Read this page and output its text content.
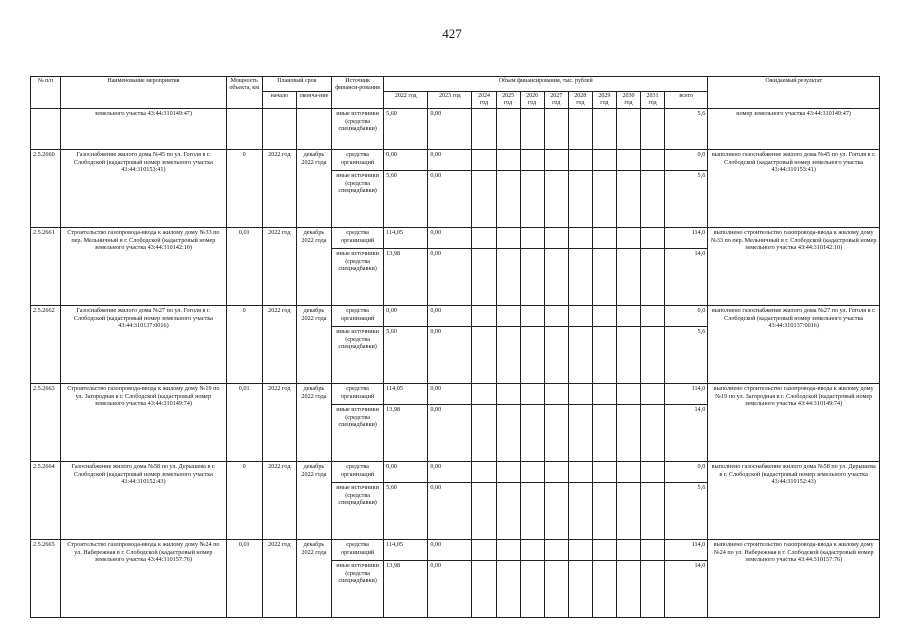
427
№ п/п	Наименование мероприятия	Мощность объекта, км	Плановый срок		Источник финанси-рования	Объем финансирования, тыс. рублей											Ожидаемый результат
			начало	оконча-ние		2022 год	2023 год	2024 год	2025 год	2026 год	2027 год	2028 год	2029 год	2030 год	2031 год	всего	
	земельного участка 43:44:310149:47)				иные источники (средства спецнадбавки)	5,60	0,00									5,6	номер земельного участка 43:44:310149:47)
2.5.2660	Газоснабжение жилого дома №45 по ул. Гоголя в г. Слободской (кадастровый номер земельного участка 43:44:310153:41)	0	2022 год	декабрь 2022 года	средства организаций	0,00	0,00									0,0	выполнено газоснабжение жилого дома №45 по ул. Гоголя в г. Слободской (кадастровый номер земельного участка 43:44:310153:41)
					иные источники (средства спецнадбавки)	5,60	0,00									5,6	
2.5.2661	Строительство газопровода-ввода к жилому дому №33 по пер. Мельничный в г. Слободской (кадастровый номер земельного участка 43:44:310142:10)	0,01	2022 год	декабрь 2022 года	средства организаций	114,05	0,00									114,0	выполнено строительство газопровода-ввода к жилому дому №33 по пер. Мельничный в г. Слободской (кадастровый номер земельного участка 43:44:310142:10)
					иные источники (средства спецнадбавки)	13,98	0,00									14,0	
2.5.2662	Газоснабжение жилого дома №27 по ул. Гоголя в г. Слободской (кадастровый номер земельного участка 43:44:310137:0016)	0	2022 год	декабрь 2022 года	средства организаций	0,00	0,00									0,0	выполнено газоснабжение жилого дома №27 по ул. Гоголя в г. Слободской (кадастровый номер земельного участка 43:44:310137:0016)
					иные источники (средства спецнадбавки)	5,60	0,00									5,6	
2.5.2663	Строительство газопровода-ввода к жилому дому №19 по ул. Загородная в г. Слободской (кадастровый номер земельного участка 43:44:310149:74)	0,01	2022 год	декабрь 2022 года	средства организаций	114,05	0,00									114,0	выполнено строительство газопровода-ввода к жилому дому №19 по ул. Загородная в г. Слободской (кадастровый номер земельного участка 43:44:310149:74)
					иные источники (средства спецнадбавки)	13,98	0,00									14,0	
2.5.2664	Газоснабжение жилого дома №58 по ул. Дерышева в г. Слободской (кадастровый номер земельного участка 43:44:310152:43)	0	2022 год	декабрь 2022 года	средства организаций	0,00	0,00									0,0	выполнено газоснабжение жилого дома №58 по ул. Дерышева в г. Слободской (кадастровый номер земельного участка 43:44:310152:43)
					иные источники (средства спецнадбавки)	5,60	0,00									5,6	
2.5.2665	Строительство газопровода-ввода к жилому дому №24 по ул. Набережная в г. Слободской (кадастровый номер земельного участка 43:44:310157:76)	0,01	2022 год	декабрь 2022 года	средства организаций	114,05	0,00									114,0	выполнено строительство газопровода-ввода к жилому дому №24 по ул. Набережная в г. Слободской (кадастровый номер земельного участка 43:44:310157:76)
					иные источники (средства спецнадбавки)	13,98	0,00									14,0	
